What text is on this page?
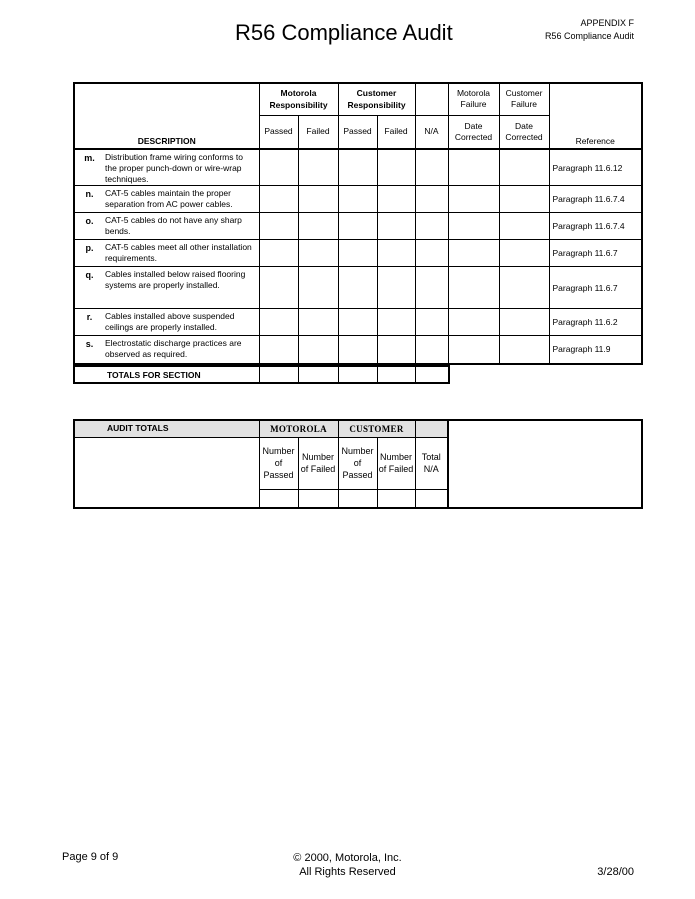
R56 Compliance Audit	APPENDIX F
R56 Compliance Audit
DESCRIPTION		Motorola Responsibility		Customer Responsibility			Motorola Failure	Customer Failure	Reference
		Passed	Failed	Passed	Failed	N/A	Date Corrected	Date Corrected	
m.	Distribution frame wiring conforms to the proper punch-down or wire-wrap techniques.								Paragraph 11.6.12
n.	CAT-5 cables maintain the proper separation from AC power cables.								Paragraph 11.6.7.4
o.	CAT-5 cables do not have any sharp bends.								Paragraph 11.6.7.4
p.	CAT-5 cables meet all other installation requirements.								Paragraph 11.6.7
q.	Cables installed below raised flooring systems are properly installed.								Paragraph 11.6.7
r.	Cables installed above suspended ceilings are properly installed.								Paragraph 11.6.2
s.	Electrostatic discharge practices are observed as required.								Paragraph 11.9
TOTALS FOR SECTION					
AUDIT TOTALS	MOTOROLA		CUSTOMER			
	Number of Passed	Number of Failed	Number of Passed	Number of Failed	Total N/A	

Page 9 of 9	© 2000, Motorola, Inc.
All Rights Reserved	3/28/00
